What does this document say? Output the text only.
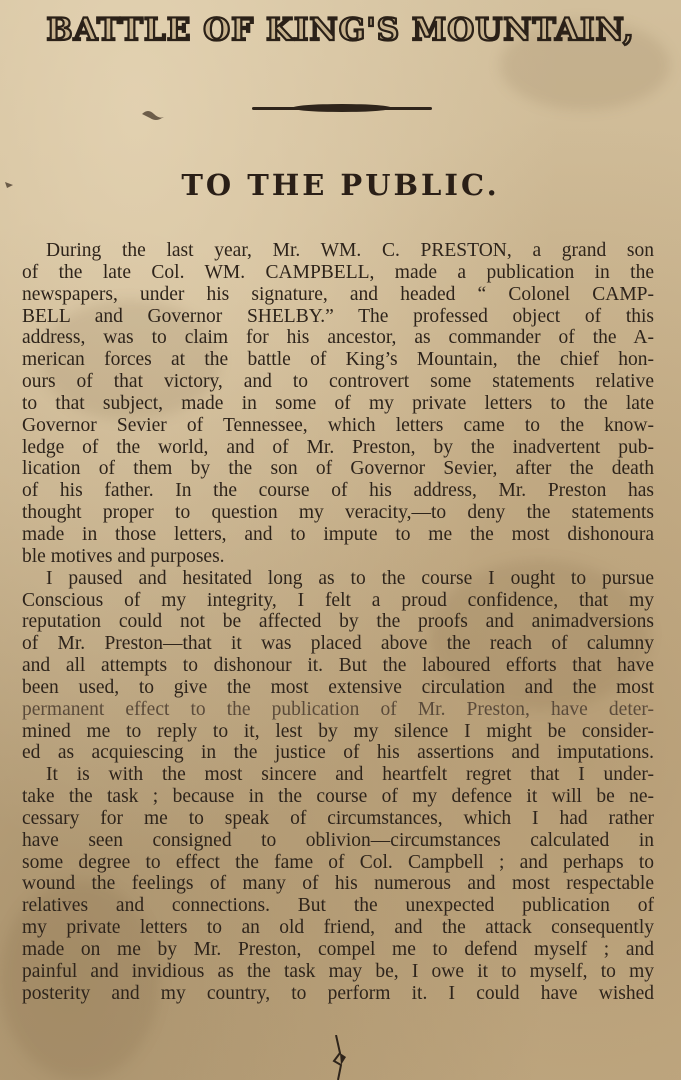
BATTLE OF KING'S MOUNTAIN,
TO THE PUBLIC.
During the last year, Mr. WM. C. PRESTON, a grand son
of the late Col. WM. CAMPBELL, made a publication in the
newspapers, under his signature, and headed “ Colonel CAMP-
BELL and Governor SHELBY.” The professed object of this
address, was to claim for his ancestor, as commander of the A-
merican forces at the battle of King’s Mountain, the chief hon-
ours of that victory, and to controvert some statements relative
to that subject, made in some of my private letters to the late
Governor Sevier of Tennessee, which letters came to the know-
ledge of the world, and of Mr. Preston, by the inadvertent pub-
lication of them by the son of Governor Sevier, after the death
of his father. In the course of his address, Mr. Preston has
thought proper to question my veracity,—to deny the statements
made in those letters, and to impute to me the most dishonoura
ble motives and purposes.
I paused and hesitated long as to the course I ought to pursue
Conscious of my integrity, I felt a proud confidence, that my
reputation could not be affected by the proofs and animadversions
of Mr. Preston—that it was placed above the reach of calumny
and all attempts to dishonour it. But the laboured efforts that have
been used, to give the most extensive circulation and the most
permanent effect to the publication of Mr. Preston, have deter-
mined me to reply to it, lest by my silence I might be consider-
ed as acquiescing in the justice of his assertions and imputations.
It is with the most sincere and heartfelt regret that I under-
take the task ; because in the course of my defence it will be ne-
cessary for me to speak of circumstances, which I had rather
have seen consigned to oblivion—circumstances calculated in
some degree to effect the fame of Col. Campbell ; and perhaps to
wound the feelings of many of his numerous and most respectable
relatives and connections. But the unexpected publication of
my private letters to an old friend, and the attack consequently
made on me by Mr. Preston, compel me to defend myself ; and
painful and invidious as the task may be, I owe it to myself, to my
posterity and my country, to perform it. I could have wished
